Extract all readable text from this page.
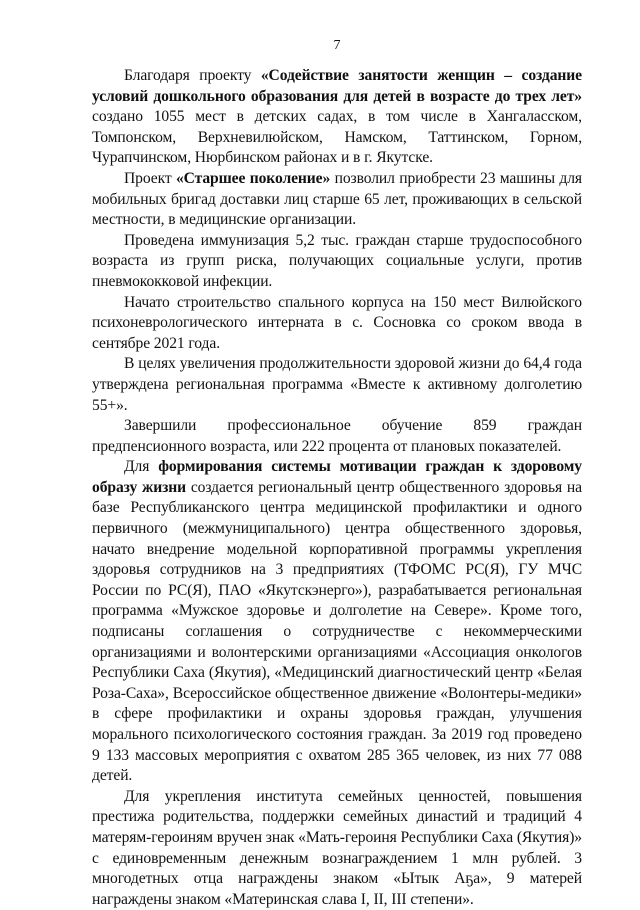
7

Благодаря проекту «Содействие занятости женщин – создание условий дошкольного образования для детей в возрасте до трех лет» создано 1055 мест в детских садах, в том числе в Хангаласском, Томпонском, Верхневилюйском, Намском, Таттинском, Горном, Чурапчинском, Нюрбинском районах и в г. Якутске.

Проект «Старшее поколение» позволил приобрести 23 машины для мобильных бригад доставки лиц старше 65 лет, проживающих в сельской местности, в медицинские организации.

Проведена иммунизация 5,2 тыс. граждан старше трудоспособного возраста из групп риска, получающих социальные услуги, против пневмококковой инфекции.

Начато строительство спального корпуса на 150 мест Вилюйского психоневрологического интерната в с. Сосновка со сроком ввода в сентябре 2021 года.

В целях увеличения продолжительности здоровой жизни до 64,4 года утверждена региональная программа «Вместе к активному долголетию 55+».

Завершили профессиональное обучение 859 граждан предпенсионного возраста, или 222 процента от плановых показателей.

Для формирования системы мотивации граждан к здоровому образу жизни создается региональный центр общественного здоровья на базе Республиканского центра медицинской профилактики и одного первичного (межмуниципального) центра общественного здоровья, начато внедрение модельной корпоративной программы укрепления здоровья сотрудников на 3 предприятиях (ТФОМС РС(Я), ГУ МЧС России по РС(Я), ПАО «Якутскэнерго»), разрабатывается региональная программа «Мужское здоровье и долголетие на Севере». Кроме того, подписаны соглашения о сотрудничестве с некоммерческими организациями и волонтерскими организациями «Ассоциация онкологов Республики Саха (Якутия), «Медицинский диагностический центр «Белая Роза-Саха», Всероссийское общественное движение «Волонтеры-медики» в сфере профилактики и охраны здоровья граждан, улучшения морального психологического состояния граждан. За 2019 год проведено 9 133 массовых мероприятия с охватом 285 365 человек, из них 77 088 детей.

Для укрепления института семейных ценностей, повышения престижа родительства, поддержки семейных династий и традиций 4 матерям-героиням вручен знак «Мать-героиня Республики Саха (Якутия)» с единовременным денежным вознаграждением 1 млн рублей. 3 многодетных отца награждены знаком «Ытык Аҕа», 9 матерей награждены знаком «Материнская слава I, II, III степени».
